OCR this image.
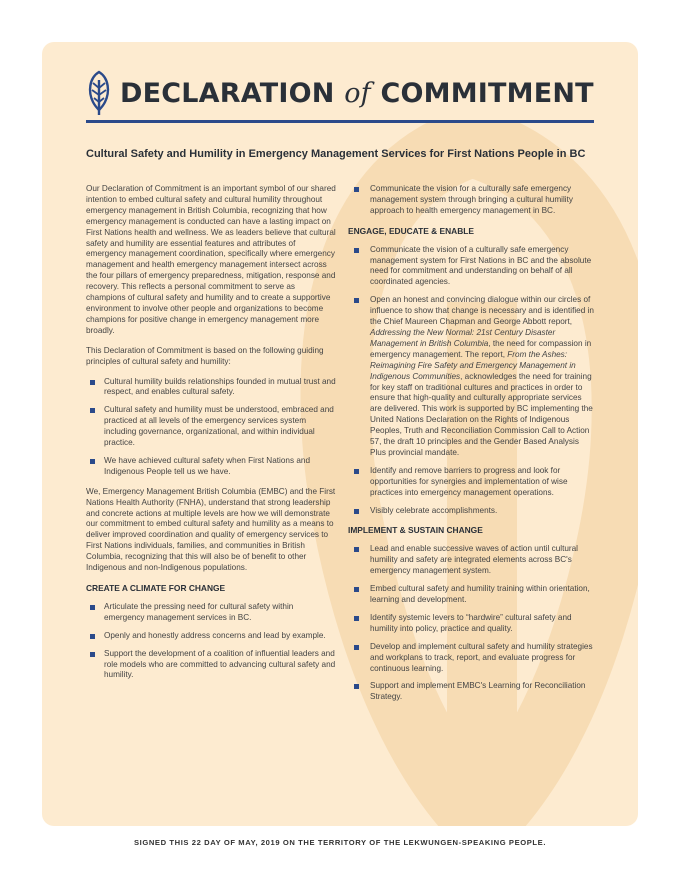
DECLARATION of COMMITMENT
Cultural Safety and Humility in Emergency Management Services for First Nations People in BC

Our Declaration of Commitment is an important symbol of our shared intention to embed cultural safety and cultural humility throughout emergency management in British Columbia, recognizing that how emergency management is conducted can have a lasting impact on First Nations health and wellness. We as leaders believe that cultural safety and humility are essential features and attributes of emergency management coordination, specifically where emergency management and health emergency management intersect across the four pillars of emergency preparedness, mitigation, response and recovery. This reflects a personal commitment to serve as champions of cultural safety and humility and to create a supportive environment to involve other people and organizations to become champions for positive change in emergency management more broadly.

This Declaration of Commitment is based on the following guiding principles of cultural safety and humility:

Cultural humility builds relationships founded in mutual trust and respect, and enables cultural safety.
Cultural safety and humility must be understood, embraced and practiced at all levels of the emergency services system including governance, organizational, and within individual practice.
We have achieved cultural safety when First Nations and Indigenous People tell us we have.

We, Emergency Management British Columbia (EMBC) and the First Nations Health Authority (FNHA), understand that strong leadership and concrete actions at multiple levels are how we will demonstrate our commitment to embed cultural safety and humility as a means to deliver improved coordination and quality of emergency services to First Nations individuals, families, and communities in British Columbia, recognizing that this will also be of benefit to other Indigenous and non-Indigenous populations.

CREATE A CLIMATE FOR CHANGE
Articulate the pressing need for cultural safety within emergency management services in BC.
Openly and honestly address concerns and lead by example.
Support the development of a coalition of influential leaders and role models who are committed to advancing cultural safety and humility.
Communicate the vision for a culturally safe emergency management system through bringing a cultural humility approach to health emergency management in BC.
ENGAGE, EDUCATE & ENABLE
Communicate the vision of a culturally safe emergency management system for First Nations in BC and the absolute need for commitment and understanding on behalf of all coordinated agencies.
Open an honest and convincing dialogue within our circles of influence to show that change is necessary and is identified in the Chief Maureen Chapman and George Abbott report, Addressing the New Normal: 21st Century Disaster Management in British Columbia, the need for compassion in emergency management. The report, From the Ashes: Reimagining Fire Safety and Emergency Management in Indigenous Communities, acknowledges the need for training for key staff on traditional cultures and practices in order to ensure that high-quality and culturally appropriate services are delivered. This work is supported by BC implementing the United Nations Declaration on the Rights of Indigenous Peoples, Truth and Reconciliation Commission Call to Action 57, the draft 10 principles and the Gender Based Analysis Plus provincial mandate.
Identify and remove barriers to progress and look for opportunities for synergies and implementation of wise practices into emergency management operations.
Visibly celebrate accomplishments.
IMPLEMENT & SUSTAIN CHANGE
Lead and enable successive waves of action until cultural humility and safety are integrated elements across BC's emergency management system.
Embed cultural safety and humility training within orientation, learning and development.
Identify systemic levers to “hardwire” cultural safety and humility into policy, practice and quality.
Develop and implement cultural safety and humility strategies and workplans to track, report, and evaluate progress for continuous learning.
Support and implement EMBC's Learning for Reconciliation Strategy.
SIGNED THIS 22 DAY OF MAY, 2019 ON THE TERRITORY OF THE LEKWUNGEN-SPEAKING PEOPLE.
